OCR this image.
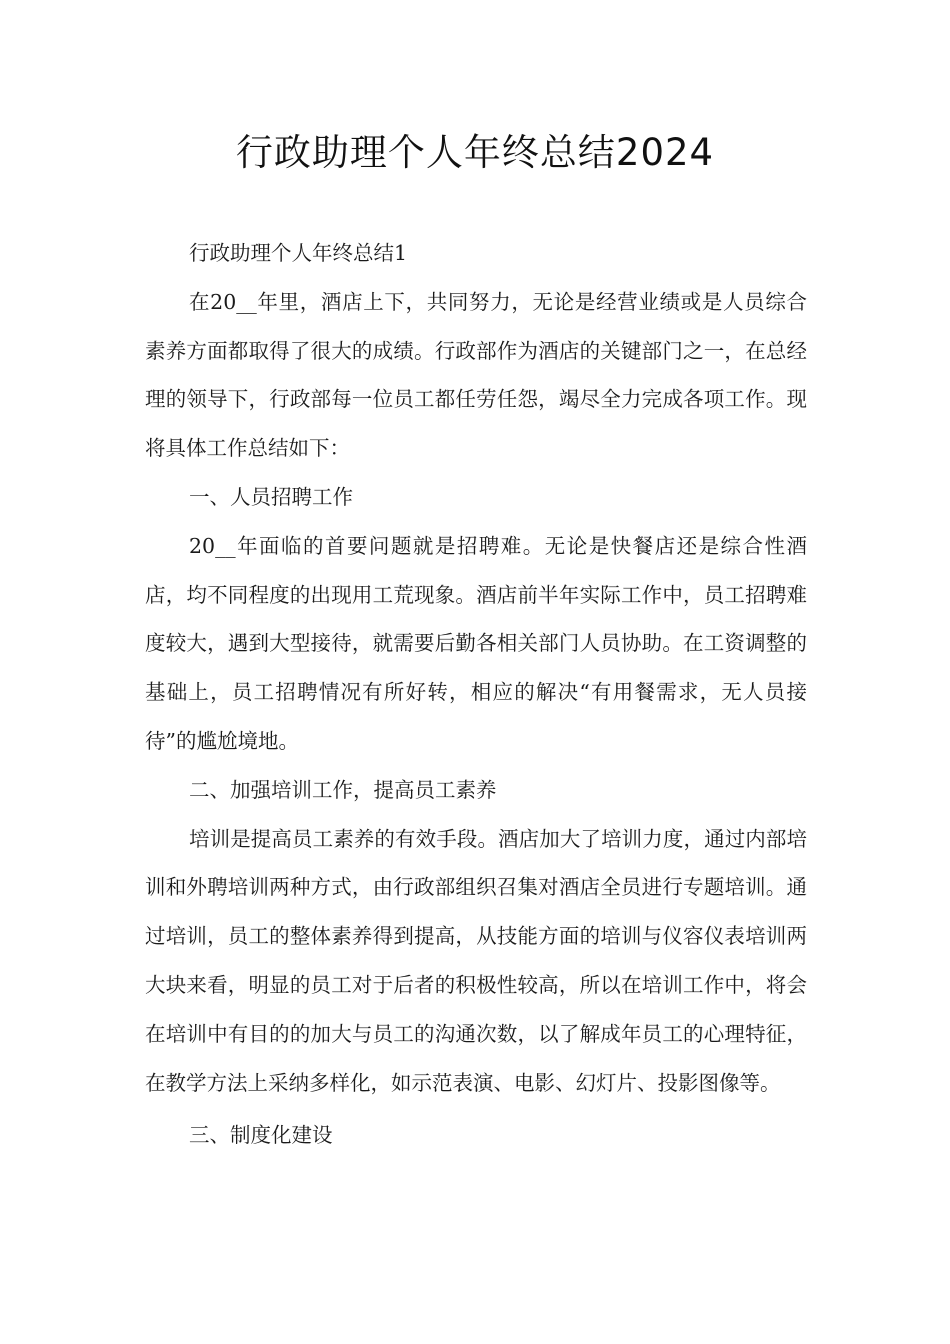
行政助理个人年终总结2024

行政助理个人年终总结1

在20__年里，酒店上下，共同努力，无论是经营业绩或是人员综合素养方面都取得了很大的成绩。行政部作为酒店的关键部门之一，在总经理的领导下，行政部每一位员工都任劳任怨，竭尽全力完成各项工作。现将具体工作总结如下：

一、人员招聘工作

20__年面临的首要问题就是招聘难。无论是快餐店还是综合性酒店，均不同程度的出现用工荒现象。酒店前半年实际工作中，员工招聘难度较大，遇到大型接待，就需要后勤各相关部门人员协助。在工资调整的基础上，员工招聘情况有所好转，相应的解决“有用餐需求，无人员接待”的尴尬境地。

二、加强培训工作，提高员工素养

培训是提高员工素养的有效手段。酒店加大了培训力度，通过内部培训和外聘培训两种方式，由行政部组织召集对酒店全员进行专题培训。通过培训，员工的整体素养得到提高，从技能方面的培训与仪容仪表培训两大块来看，明显的员工对于后者的积极性较高，所以在培训工作中，将会在培训中有目的的加大与员工的沟通次数，以了解成年员工的心理特征，在教学方法上采纳多样化，如示范表演、电影、幻灯片、投影图像等。

三、制度化建设
